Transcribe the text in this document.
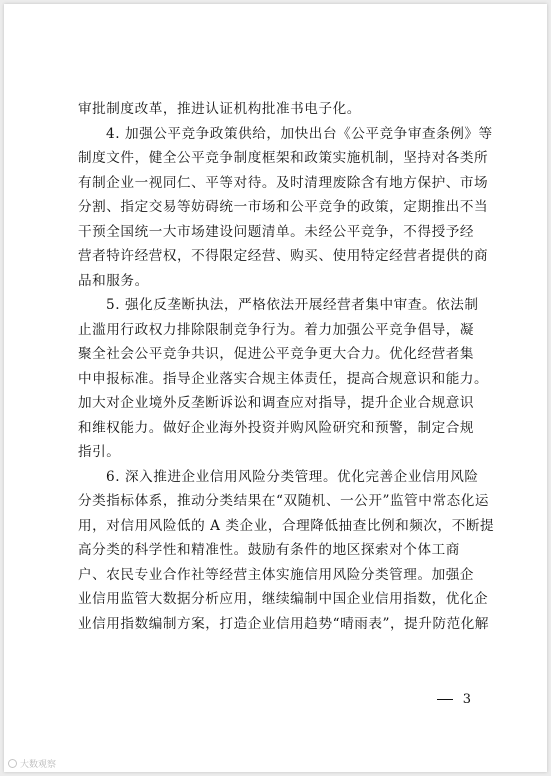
审批制度改革，推进认证机构批准书电子化。
4. 加强公平竞争政策供给，加快出台《公平竞争审查条例》等
制度文件，健全公平竞争制度框架和政策实施机制，坚持对各类所
有制企业一视同仁、平等对待。及时清理废除含有地方保护、市场
分割、指定交易等妨碍统一市场和公平竞争的政策，定期推出不当
干预全国统一大市场建设问题清单。未经公平竞争，不得授予经
营者特许经营权，不得限定经营、购买、使用特定经营者提供的商
品和服务。
5. 强化反垄断执法，严格依法开展经营者集中审查。依法制
止滥用行政权力排除限制竞争行为。着力加强公平竞争倡导，凝
聚全社会公平竞争共识，促进公平竞争更大合力。优化经营者集
中申报标准。指导企业落实合规主体责任，提高合规意识和能力。
加大对企业境外反垄断诉讼和调查应对指导，提升企业合规意识
和维权能力。做好企业海外投资并购风险研究和预警，制定合规
指引。
6. 深入推进企业信用风险分类管理。优化完善企业信用风险
分类指标体系，推动分类结果在“双随机、一公开”监管中常态化运
用，对信用风险低的 A 类企业，合理降低抽查比例和频次，不断提
高分类的科学性和精准性。鼓励有条件的地区探索对个体工商
户、农民专业合作社等经营主体实施信用风险分类管理。加强企
业信用监管大数据分析应用，继续编制中国企业信用指数，优化企
业信用指数编制方案，打造企业信用趋势“晴雨表”，提升防范化解
3
大数观察
